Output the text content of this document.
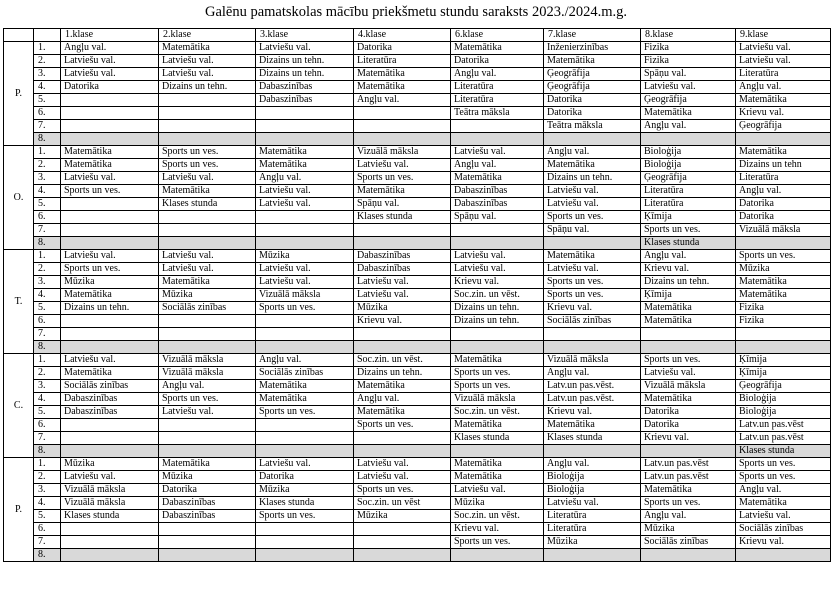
Galēnu pamatskolas mācību priekšmetu stundu saraksts 2023./2024.m.g.
		1.klase	2.klase	3.klase	4.klase	6.klase	7.klase	8.klase	9.klase
P.	1.	Angļu val.	Matemātika	Latviešu val.	Datorika	Matemātika	Inženierzinības	Fizika	Latviešu val.
	2.	Latviešu val.	Latviešu val.	Dizains un tehn.	Literatūra	Datorika	Matemātika	Fizika	Latviešu val.
	3.	Latviešu val.	Latviešu val.	Dizains un tehn.	Matemātika	Angļu val.	Ģeogrāfija	Spāņu val.	Literatūra
	4.	Datorika	Dizains un tehn.	Dabaszinības	Matemātika	Literatūra	Ģeogrāfija	Latviešu val.	Angļu val.
	5.			Dabaszinības	Angļu val.	Literatūra	Datorika	Ģeogrāfija	Matemātika
	6.					Teātra māksla	Datorika	Matemātika	Krievu val.
	7.						Teātra māksla	Angļu val.	Ģeogrāfija
	8.								
O.	1.	Matemātika	Sports un ves.	Matemātika	Vizuālā māksla	Latviešu val.	Angļu val.	Bioloģija	Matemātika
	2.	Matemātika	Sports un ves.	Matemātika	Latviešu val.	Angļu val.	Matemātika	Bioloģija	Dizains un tehn
	3.	Latviešu val.	Latviešu val.	Angļu val.	Sports un ves.	Matemātika	Dizains un tehn.	Ģeogrāfija	Literatūra
	4.	Sports un ves.	Matemātika	Latviešu val.	Matemātika	Dabaszinības	Latviešu val.	Literatūra	Angļu val.
	5.		Klases stunda	Latviešu val.	Spāņu val.	Dabaszinības	Latviešu val.	Literatūra	Datorika
	6.				Klases stunda	Spāņu val.	Sports un ves.	Ķīmija	Datorika
	7.						Spāņu val.	Sports un ves.	Vizuālā māksla
	8.							Klases stunda	
T.	1.	Latviešu val.	Latviešu val.	Mūzika	Dabaszinības	Latviešu val.	Matemātika	Angļu val.	Sports un ves.
	2.	Sports un ves.	Latviešu val.	Latviešu val.	Dabaszinības	Latviešu val.	Latviešu val.	Krievu val.	Mūzika
	3.	Mūzika	Matemātika	Latviešu val.	Latviešu val.	Krievu val.	Sports un ves.	Dizains un tehn.	Matemātika
	4.	Matemātika	Mūzika	Vizuālā māksla	Latviešu val.	Soc.zin. un vēst.	Sports un ves.	Ķīmija	Matemātika
	5.	Dizains un tehn.	Sociālās zinības	Sports un ves.	Mūzika	Dizains un tehn.	Krievu val.	Matemātika	Fizika
	6.				Krievu val.	Dizains un tehn.	Sociālās zinības	Matemātika	Fizika
	7.								
	8.								
C.	1.	Latviešu val.	Vizuālā māksla	Angļu val.	Soc.zin. un vēst.	Matemātika	Vizuālā māksla	Sports un ves.	Ķīmija
	2.	Matemātika	Vizuālā māksla	Sociālās zinības	Dizains un tehn.	Sports un ves.	Angļu val.	Latviešu val.	Ķīmija
	3.	Sociālās zinības	Angļu val.	Matemātika	Matemātika	Sports un ves.	Latv.un pas.vēst.	Vizuālā māksla	Ģeogrāfija
	4.	Dabaszinības	Sports un ves.	Matemātika	Angļu val.	Vizuālā māksla	Latv.un pas.vēst.	Matemātika	Bioloģija
	5.	Dabaszinības	Latviešu val.	Sports un ves.	Matemātika	Soc.zin. un vēst.	Krievu val.	Datorika	Bioloģija
	6.				Sports un ves.	Matemātika	Matemātika	Datorika	Latv.un pas.vēst
	7.					Klases stunda	Klases stunda	Krievu val.	Latv.un pas.vēst
	8.								Klases stunda
P.	1.	Mūzika	Matemātika	Latviešu val.	Latviešu val.	Matemātika	Angļu val.	Latv.un pas.vēst	Sports un ves.
	2.	Latviešu val.	Mūzika	Datorika	Latviešu val.	Matemātika	Bioloģija	Latv.un pas.vēst	Sports un ves.
	3.	Vizuālā māksla	Datorika	Mūzika	Sports un ves.	Latviešu val.	Bioloģija	Matemātika	Angļu val.
	4.	Vizuālā māksla	Dabaszinības	Klases stunda	Soc.zin. un vēst	Mūzika	Latviešu val.	Sports un ves.	Matemātika
	5.	Klases stunda	Dabaszinības	Sports un ves.	Mūzika	Soc.zin. un vēst.	Literatūra	Angļu val.	Latviešu val.
	6.					Krievu val.	Literatūra	Mūzika	Sociālās zinības
	7.					Sports un ves.	Mūzika	Sociālās zinības	Krievu val.
	8.								
